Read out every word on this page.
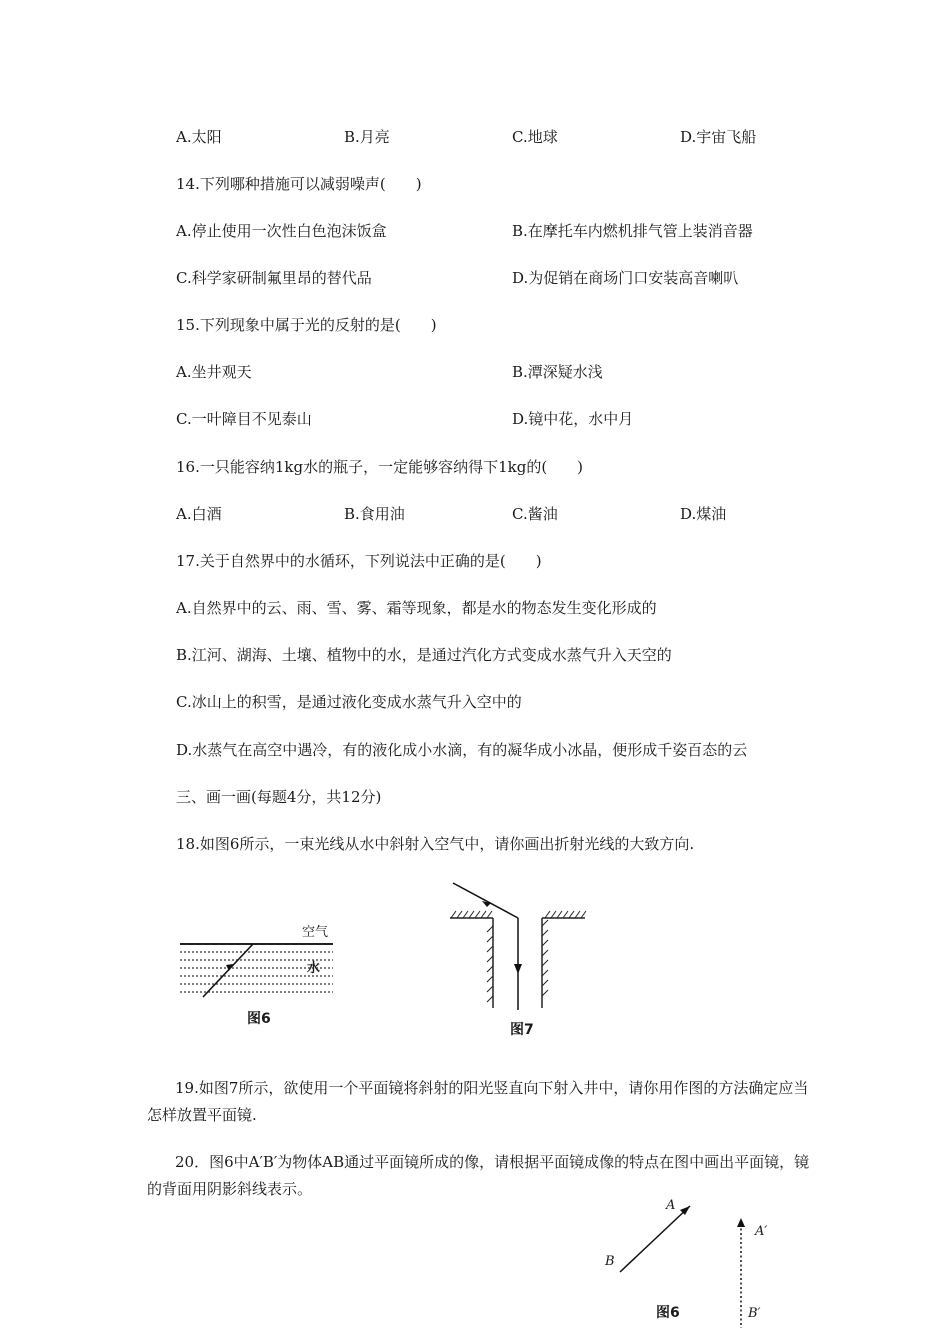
A.太阳	B.月亮	C.地球	D.宇宙飞船
14.下列哪种措施可以减弱噪声(　　)
A.停止使用一次性白色泡沫饭盒	B.在摩托车内燃机排气管上装消音器
C.科学家研制氟里昂的替代品	D.为促销在商场门口安装高音喇叭
15.下列现象中属于光的反射的是(　　)
A.坐井观天	B.潭深疑水浅
C.一叶障目不见泰山	D.镜中花，水中月
16.一只能容纳1kg水的瓶子，一定能够容纳得下1kg的(　　)
A.白酒	B.食用油	C.酱油	D.煤油
17.关于自然界中的水循环，下列说法中正确的是(　　)
A.自然界中的云、雨、雪、雾、霜等现象，都是水的物态发生变化形成的
B.江河、湖海、土壤、植物中的水，是通过汽化方式变成水蒸气升入天空的
C.冰山上的积雪，是通过液化变成水蒸气升入空中的
D.水蒸气在高空中遇冷，有的液化成小水滴，有的凝华成小冰晶，便形成千姿百态的云
三、画一画(每题4分，共12分)
18.如图6所示，一束光线从水中斜射入空气中，请你画出折射光线的大致方向.
空气
水
图6
图7
19.如图7所示，欲使用一个平面镜将斜射的阳光竖直向下射入井中，请你用作图的方法确定应当怎样放置平面镜.
20．图6中A′B′为物体AB通过平面镜所成的像，请根据平面镜成像的特点在图中画出平面镜，镜的背面用阴影斜线表示。
A
B
A′
B′
图6
